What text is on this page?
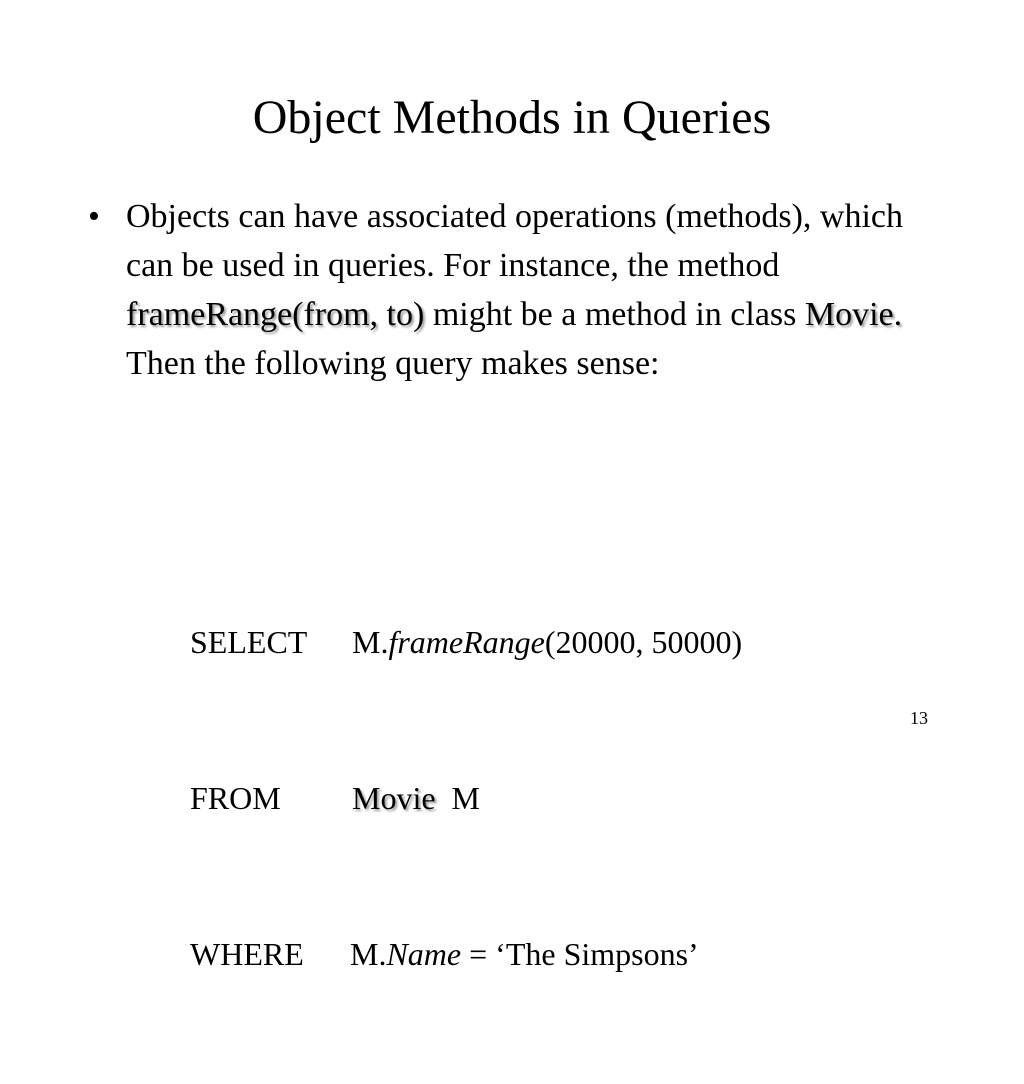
Object Methods in Queries
• Objects can have associated operations (methods), which can be used in queries. For instance, the method frameRange(from, to) might be a method in class Movie. Then the following query makes sense:

SELECT M.frameRange(20000, 50000)

FROM Movie M

WHERE M.Name = ‘The Simpsons’

13
